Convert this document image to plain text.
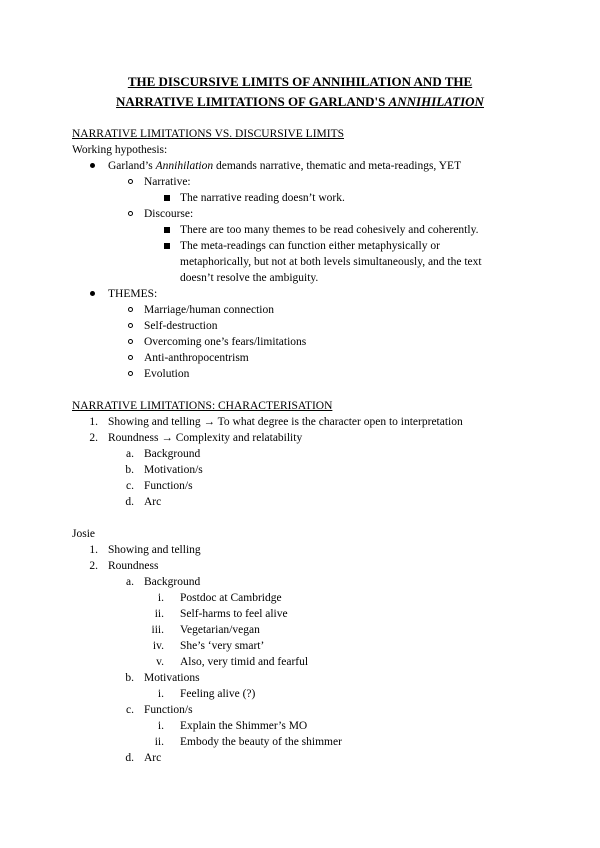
THE DISCURSIVE LIMITS OF ANNIHILATION AND THE
NARRATIVE LIMITATIONS OF GARLAND'S ANNIHILATION
NARRATIVE LIMITATIONS VS. DISCURSIVE LIMITS
Working hypothesis:
Garland’s Annihilation demands narrative, thematic and meta-readings, YET
Narrative:
The narrative reading doesn’t work.
Discourse:
There are too many themes to be read cohesively and coherently.
The meta-readings can function either metaphysically or
metaphorically, but not at both levels simultaneously, and the text
doesn’t resolve the ambiguity.
THEMES:
Marriage/human connection
Self-destruction
Overcoming one’s fears/limitations
Anti-anthropocentrism
Evolution
NARRATIVE LIMITATIONS: CHARACTERISATION
1. Showing and telling → To what degree is the character open to interpretation
2. Roundness → Complexity and relatability
a. Background
b. Motivation/s
c. Function/s
d. Arc
Josie
1. Showing and telling
2. Roundness
a. Background
i. Postdoc at Cambridge
ii. Self-harms to feel alive
iii. Vegetarian/vegan
iv. She’s ‘very smart’
v. Also, very timid and fearful
b. Motivations
i. Feeling alive (?)
c. Function/s
i. Explain the Shimmer’s MO
ii. Embody the beauty of the shimmer
d. Arc
